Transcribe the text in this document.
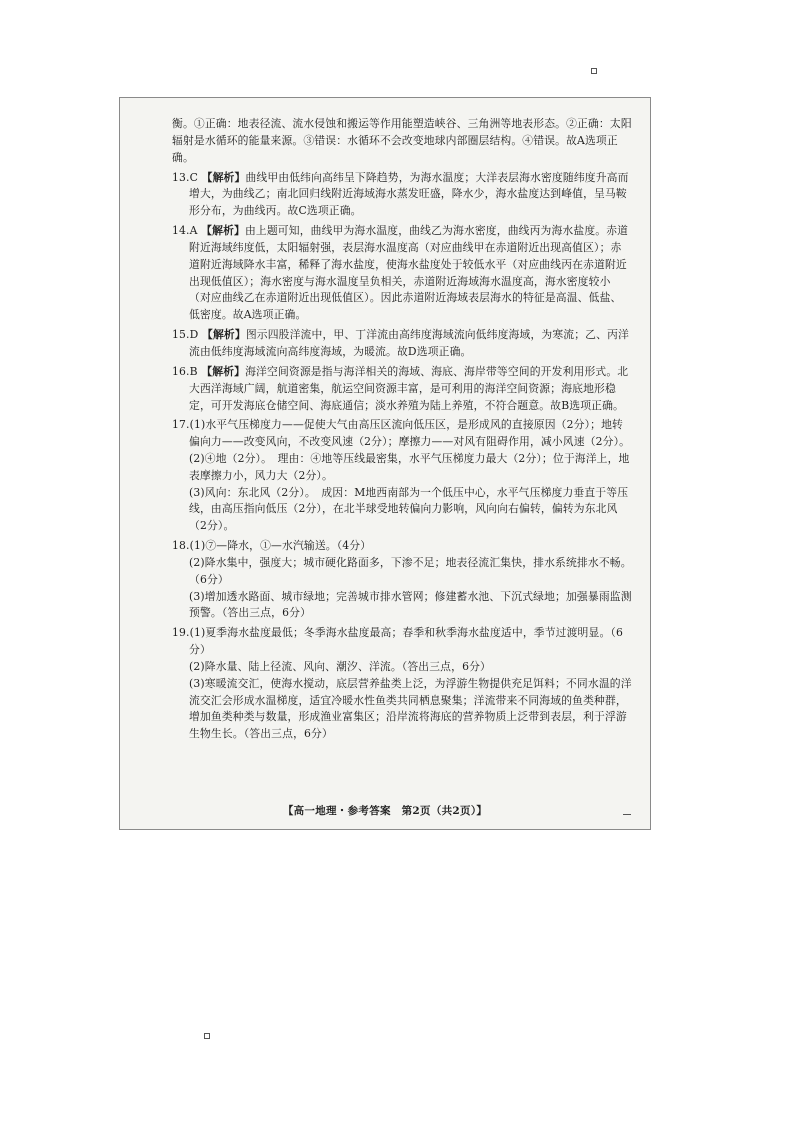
衡。①正确：地表径流、流水侵蚀和搬运等作用能塑造峡谷、三角洲等地表形态。②正确：太阳辐射是水循环的能量来源。③错误：水循环不会改变地球内部圈层结构。④错误。故A选项正确。
13.C 【解析】曲线甲由低纬向高纬呈下降趋势，为海水温度；大洋表层海水密度随纬度升高而增大，为曲线乙；南北回归线附近海域海水蒸发旺盛，降水少，海水盐度达到峰值，呈马鞍形分布，为曲线丙。故C选项正确。
14.A 【解析】由上题可知，曲线甲为海水温度，曲线乙为海水密度，曲线丙为海水盐度。赤道附近海域纬度低，太阳辐射强，表层海水温度高（对应曲线甲在赤道附近出现高值区）；赤道附近海域降水丰富，稀释了海水盐度，使海水盐度处于较低水平（对应曲线丙在赤道附近出现低值区）；海水密度与海水温度呈负相关，赤道附近海域海水温度高，海水密度较小（对应曲线乙在赤道附近出现低值区）。因此赤道附近海域表层海水的特征是高温、低盐、低密度。故A选项正确。
15.D 【解析】图示四股洋流中，甲、丁洋流由高纬度海域流向低纬度海域，为寒流；乙、丙洋流由低纬度海域流向高纬度海域，为暖流。故D选项正确。
16.B 【解析】海洋空间资源是指与海洋相关的海域、海底、海岸带等空间的开发利用形式。北大西洋海域广阔，航道密集，航运空间资源丰富，是可利用的海洋空间资源；海底地形稳定，可开发海底仓储空间、海底通信；淡水养殖为陆上养殖，不符合题意。故B选项正确。
17.(1)水平气压梯度力——促使大气由高压区流向低压区，是形成风的直接原因（2分）；地转偏向力——改变风向，不改变风速（2分）；摩擦力——对风有阻碍作用，减小风速（2分）。
(2)④地（2分）。　理由：④地等压线最密集，水平气压梯度力最大（2分）；位于海洋上，地表摩擦力小，风力大（2分）。
(3)风向：东北风（2分）。　成因：M地西南部为一个低压中心，水平气压梯度力垂直于等压线，由高压指向低压（2分），在北半球受地转偏向力影响，风向向右偏转，偏转为东北风（2分）。
18.(1)⑦—降水，①—水汽输送。（4分）
(2)降水集中，强度大；城市硬化路面多，下渗不足；地表径流汇集快，排水系统排水不畅。（6分）
(3)增加透水路面、城市绿地；完善城市排水管网；修建蓄水池、下沉式绿地；加强暴雨监测预警。（答出三点，6分）
19.(1)夏季海水盐度最低；冬季海水盐度最高；春季和秋季海水盐度适中，季节过渡明显。（6分）
(2)降水量、陆上径流、风向、潮汐、洋流。（答出三点，6分）
(3)寒暖流交汇，使海水搅动，底层营养盐类上泛，为浮游生物提供充足饵料；不同水温的洋流交汇会形成水温梯度，适宜冷暖水性鱼类共同栖息聚集；洋流带来不同海域的鱼类种群，增加鱼类种类与数量，形成渔业富集区；沿岸流将海底的营养物质上泛带到表层，利于浮游生物生长。（答出三点，6分）
【高一地理・参考答案　第2页（共2页）】
